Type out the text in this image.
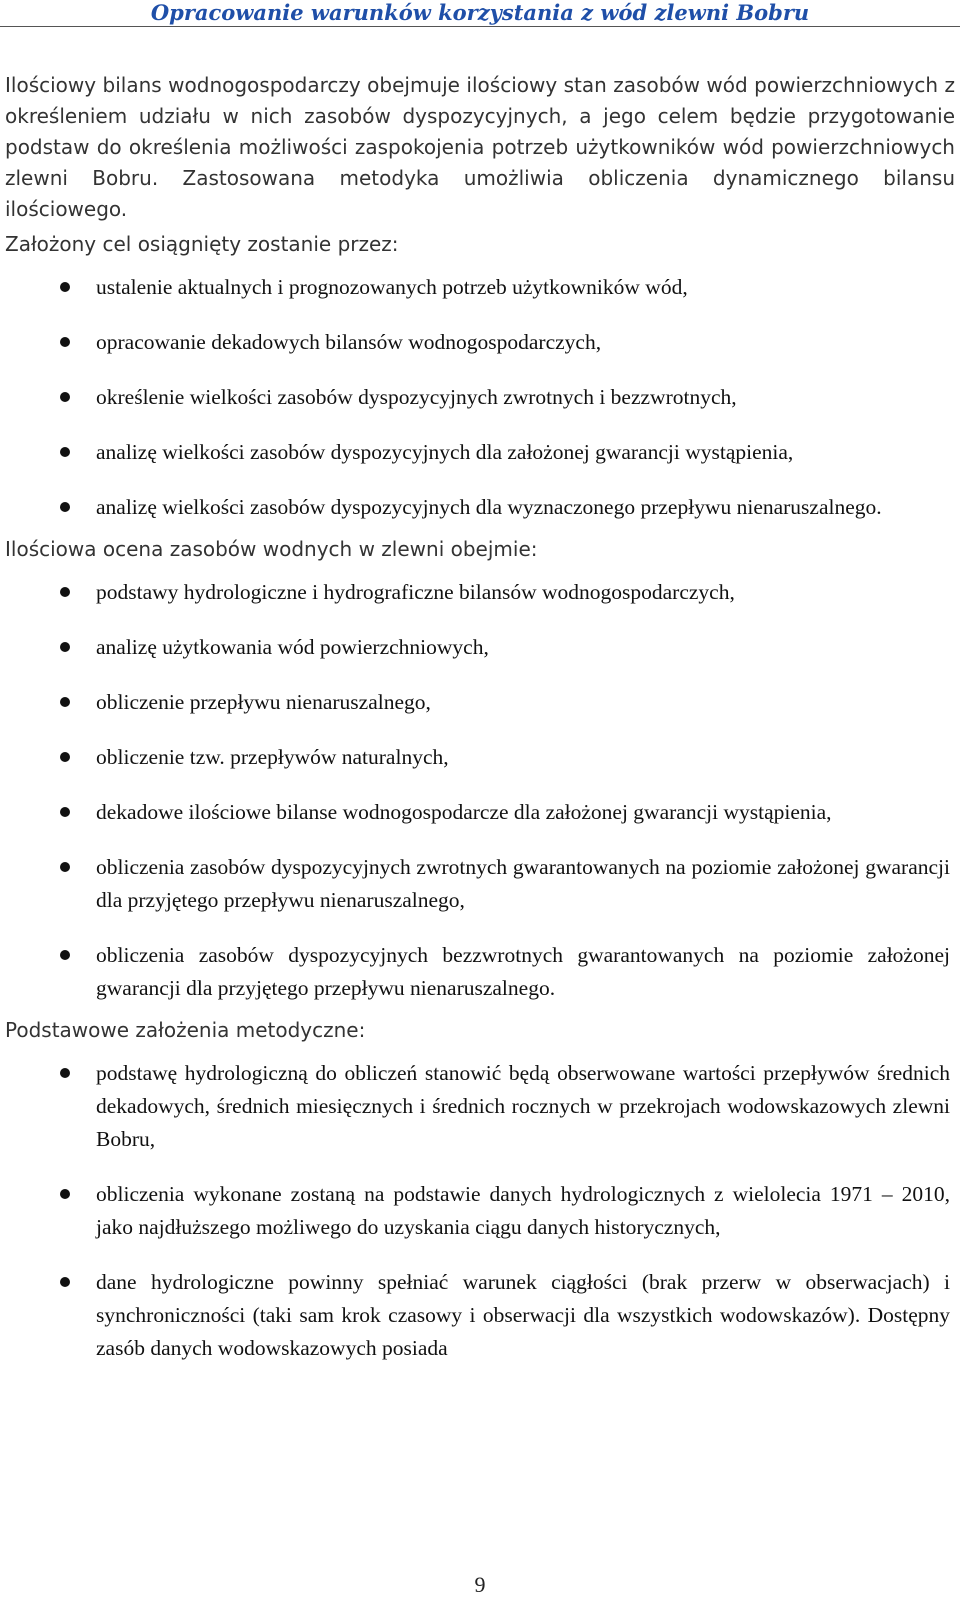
Opracowanie warunków korzystania z wód zlewni Bobru

Ilościowy bilans wodnogospodarczy obejmuje ilościowy stan zasobów wód powierzchniowych z określeniem udziału w nich zasobów dyspozycyjnych, a jego celem będzie przygotowanie podstaw do określenia możliwości zaspokojenia potrzeb użytkowników wód powierzchniowych zlewni Bobru. Zastosowana metodyka umożliwia obliczenia dynamicznego bilansu ilościowego.

Założony cel osiągnięty zostanie przez:

ustalenie aktualnych i prognozowanych potrzeb użytkowników wód,
opracowanie dekadowych bilansów wodnogospodarczych,
określenie wielkości zasobów dyspozycyjnych zwrotnych i bezzwrotnych,
analizę wielkości zasobów dyspozycyjnych dla założonej gwarancji wystąpienia,
analizę wielkości zasobów dyspozycyjnych dla wyznaczonego przepływu nienaruszalnego.

Ilościowa ocena zasobów wodnych w zlewni obejmie:

podstawy hydrologiczne i hydrograficzne bilansów wodnogospodarczych,
analizę użytkowania wód powierzchniowych,
obliczenie przepływu nienaruszalnego,
obliczenie tzw. przepływów naturalnych,
dekadowe ilościowe bilanse wodnogospodarcze dla założonej gwarancji wystąpienia,
obliczenia zasobów dyspozycyjnych zwrotnych gwarantowanych na poziomie założonej gwarancji dla przyjętego przepływu nienaruszalnego,
obliczenia zasobów dyspozycyjnych bezzwrotnych gwarantowanych na poziomie założonej gwarancji dla przyjętego przepływu nienaruszalnego.

Podstawowe założenia metodyczne:

podstawę hydrologiczną do obliczeń stanowić będą obserwowane wartości przepływów średnich dekadowych, średnich miesięcznych i średnich rocznych w przekrojach wodowskazowych zlewni Bobru,
obliczenia wykonane zostaną na podstawie danych hydrologicznych z wielolecia 1971 – 2010, jako najdłuższego możliwego do uzyskania ciągu danych historycznych,
dane hydrologiczne powinny spełniać warunek ciągłości (brak przerw w obserwacjach) i synchroniczności (taki sam krok czasowy i obserwacji dla wszystkich wodowskazów). Dostępny zasób danych wodowskazowych posiada
9
